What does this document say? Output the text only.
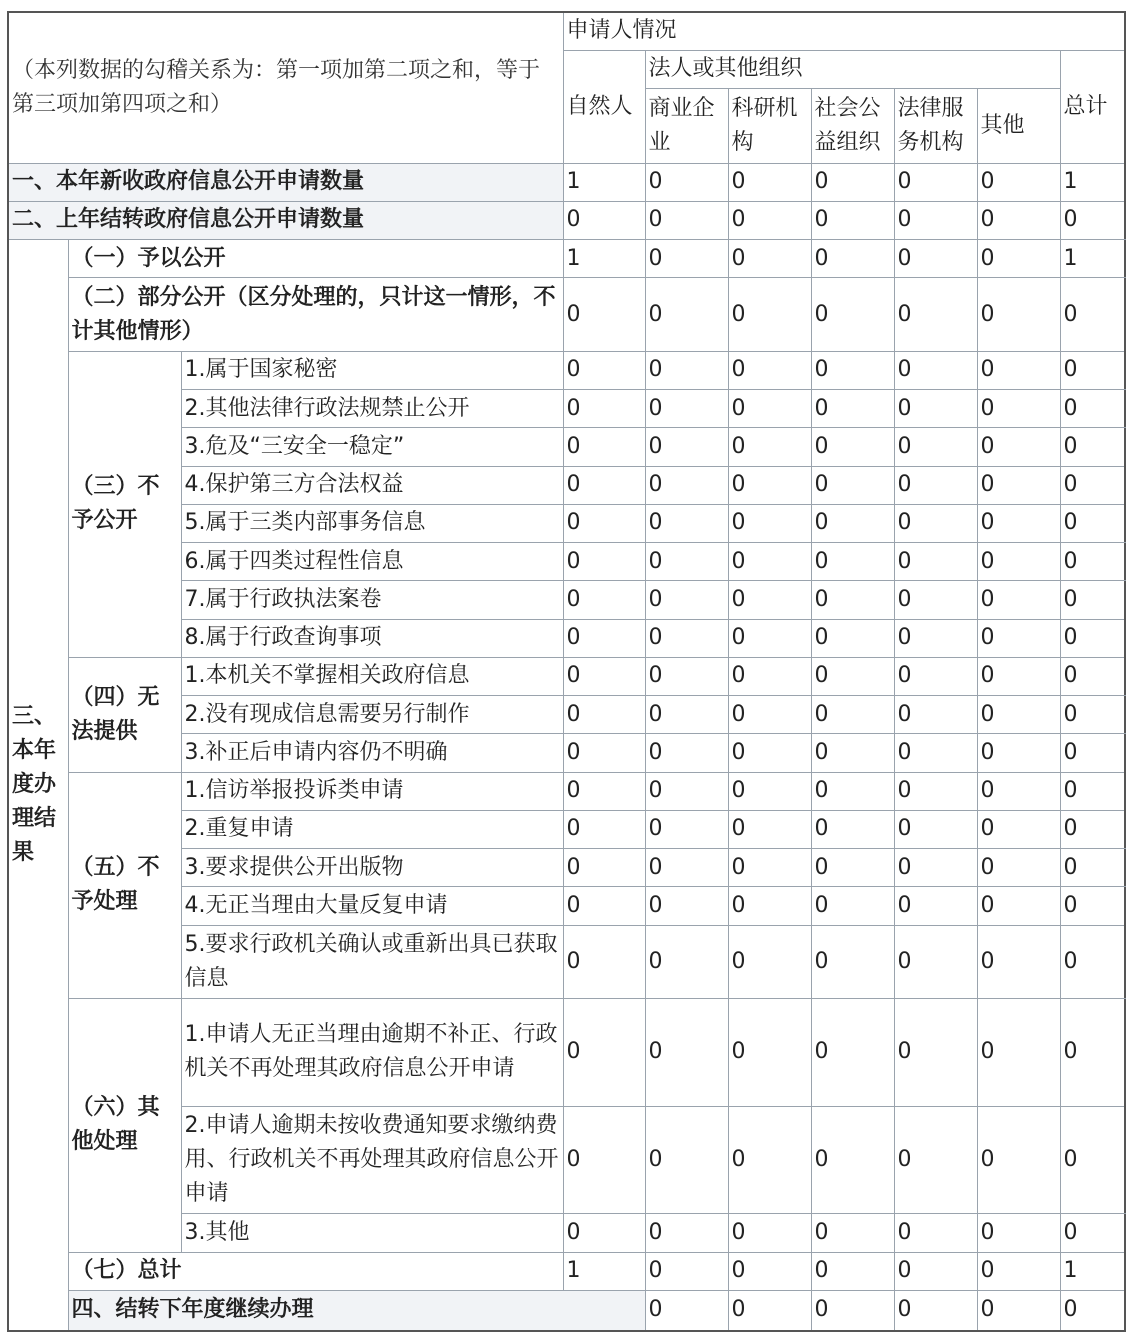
（本列数据的勾稽关系为：第一项加第二项之和，等于第三项加第四项之和）			申请人情况							
			自然人	法人或其他组织					总计	
				商业企业	科研机构	社会公益组织	法律服务机构	其他		
一、本年新收政府信息公开申请数量			1	0	0	0	0	0	1	
二、上年结转政府信息公开申请数量			0	0	0	0	0	0	0	
三、本年度办理结果	（一）予以公开		1	0	0	0	0	0	1	
	（二）部分公开（区分处理的，只计这一情形，不计其他情形）		0	0	0	0	0	0	0	
	（三）不予公开	1.属于国家秘密	0	0	0	0	0	0	0	
		2.其他法律行政法规禁止公开	0	0	0	0	0	0	0	
		3.危及“三安全一稳定”	0	0	0	0	0	0	0	
		4.保护第三方合法权益	0	0	0	0	0	0	0	
		5.属于三类内部事务信息	0	0	0	0	0	0	0	
		6.属于四类过程性信息	0	0	0	0	0	0	0	
		7.属于行政执法案卷	0	0	0	0	0	0	0	
		8.属于行政查询事项	0	0	0	0	0	0	0	
	（四）无法提供	1.本机关不掌握相关政府信息	0	0	0	0	0	0	0	
		2.没有现成信息需要另行制作	0	0	0	0	0	0	0	
		3.补正后申请内容仍不明确	0	0	0	0	0	0	0	
	（五）不予处理	1.信访举报投诉类申请	0	0	0	0	0	0	0	
		2.重复申请	0	0	0	0	0	0	0	
		3.要求提供公开出版物	0	0	0	0	0	0	0	
		4.无正当理由大量反复申请	0	0	0	0	0	0	0	
		5.要求行政机关确认或重新出具已获取信息	0	0	0	0	0	0	0	
	（六）其他处理	1.申请人无正当理由逾期不补正、行政机关不再处理其政府信息公开申请	0	0	0	0	0	0	0	
		2.申请人逾期未按收费通知要求缴纳费用、行政机关不再处理其政府信息公开申请	0	0	0	0	0	0	0	
		3.其他	0	0	0	0	0	0	0	
	（七）总计		1	0	0	0	0	0	1	
	四、结转下年度继续办理			0	0	0	0	0	0	
